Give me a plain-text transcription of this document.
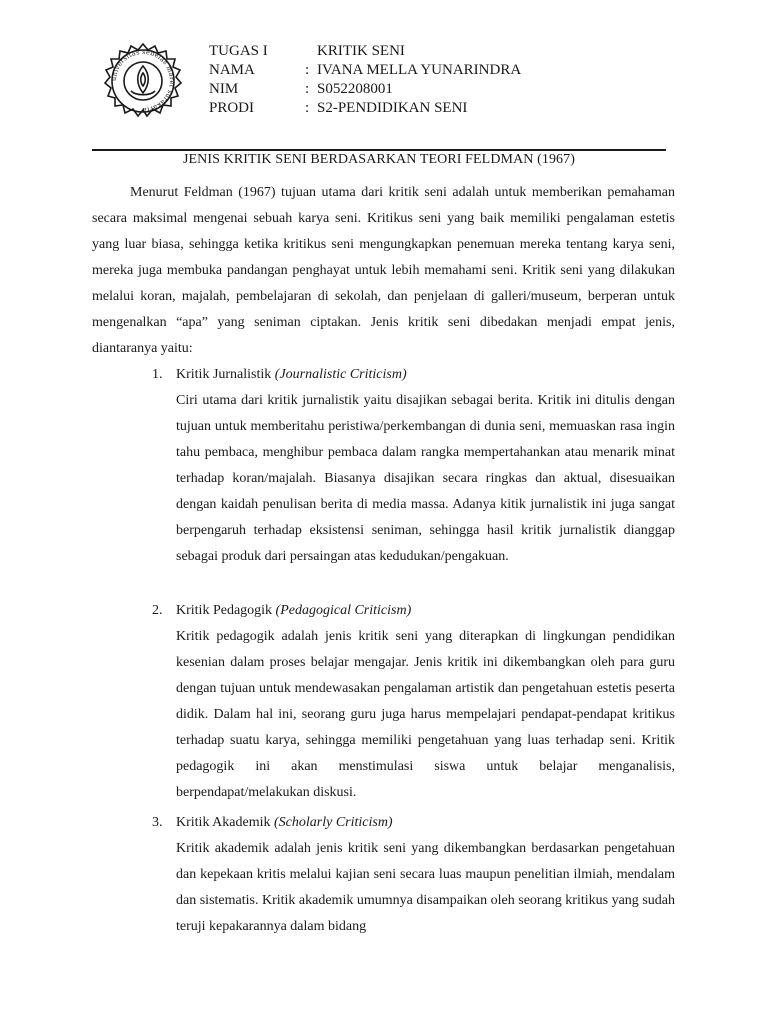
universitas sebelas maret surakarta
TUGAS I	KRITIK SENI
NAMA	: IVANA MELLA YUNARINDRA
NIM	: S052208001
PRODI	: S2-PENDIDIKAN SENI
JENIS KRITIK SENI BERDASARKAN TEORI FELDMAN (1967)

Menurut Feldman (1967) tujuan utama dari kritik seni adalah untuk memberikan pemahaman secara maksimal mengenai sebuah karya seni. Kritikus seni yang baik memiliki pengalaman estetis yang luar biasa, sehingga ketika kritikus seni mengungkapkan penemuan mereka tentang karya seni, mereka juga membuka pandangan penghayat untuk lebih memahami seni. Kritik seni yang dilakukan melalui koran, majalah, pembelajaran di sekolah, dan penjelaan di galleri/museum, berperan untuk mengenalkan “apa” yang seniman ciptakan. Jenis kritik seni dibedakan menjadi empat jenis, diantaranya yaitu:

1. Kritik Jurnalistik (Journalistic Criticism)
Ciri utama dari kritik jurnalistik yaitu disajikan sebagai berita. Kritik ini ditulis dengan tujuan untuk memberitahu peristiwa/perkembangan di dunia seni, memuaskan rasa ingin tahu pembaca, menghibur pembaca dalam rangka mempertahankan atau menarik minat terhadap koran/majalah. Biasanya disajikan secara ringkas dan aktual, disesuaikan dengan kaidah penulisan berita di media massa. Adanya kitik jurnalistik ini juga sangat berpengaruh terhadap eksistensi seniman, sehingga hasil kritik jurnalistik dianggap sebagai produk dari persaingan atas kedudukan/pengakuan.
2. Kritik Pedagogik (Pedagogical Criticism)
Kritik pedagogik adalah jenis kritik seni yang diterapkan di lingkungan pendidikan kesenian dalam proses belajar mengajar. Jenis kritik ini dikembangkan oleh para guru dengan tujuan untuk mendewasakan pengalaman artistik dan pengetahuan estetis peserta didik. Dalam hal ini, seorang guru juga harus mempelajari pendapat-pendapat kritikus terhadap suatu karya, sehingga memiliki pengetahuan yang luas terhadap seni. Kritik pedagogik ini akan menstimulasi siswa untuk belajar menganalisis, berpendapat/melakukan diskusi.
3. Kritik Akademik (Scholarly Criticism)
Kritik akademik adalah jenis kritik seni yang dikembangkan berdasarkan pengetahuan dan kepekaan kritis melalui kajian seni secara luas maupun penelitian ilmiah, mendalam dan sistematis. Kritik akademik umumnya disampaikan oleh seorang kritikus yang sudah teruji kepakarannya dalam bidang
